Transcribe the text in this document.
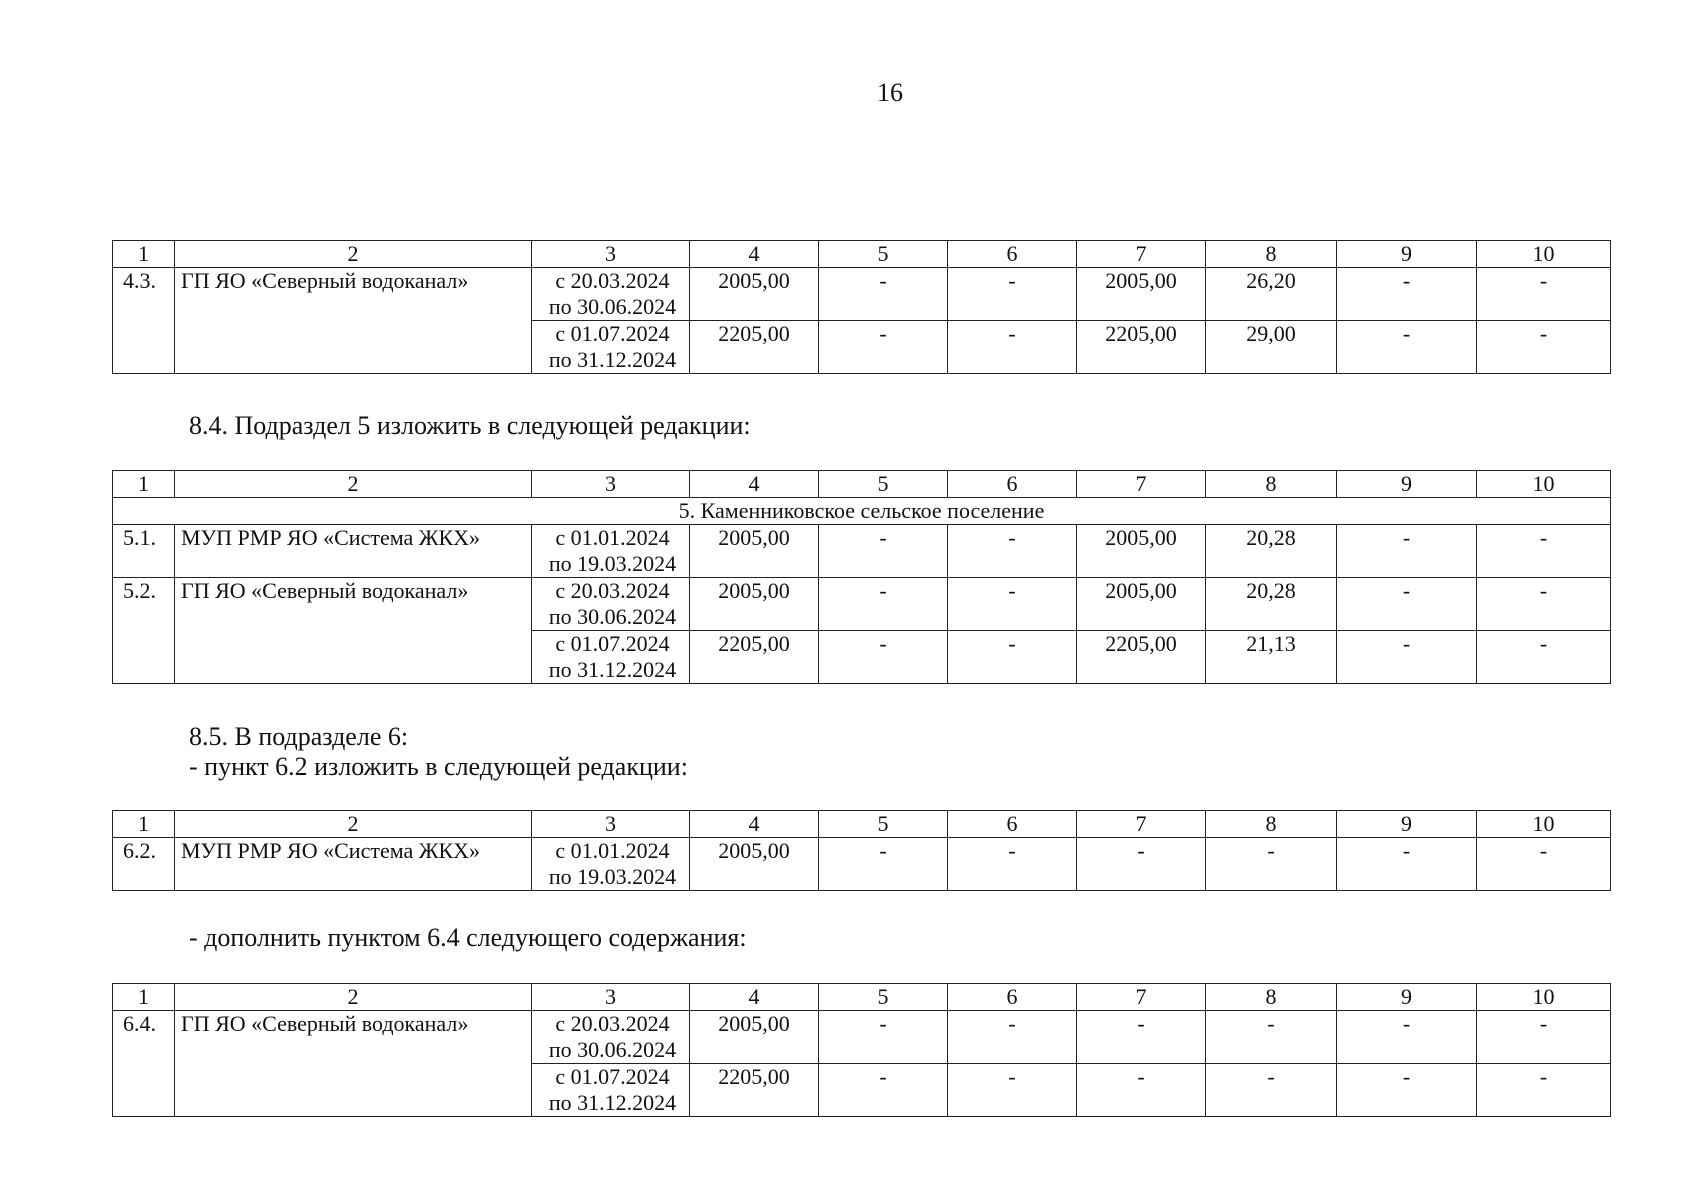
16
1	2	3	4	5	6	7	8	9	10
4.3.	ГП ЯО «Северный водоканал»	с 20.03.2024
по 30.06.2024	2005,00	-	-	2005,00	26,20	-	-

		с 01.07.2024
по 31.12.2024	2205,00	-	-	2205,00	29,00	-	-
8.4. Подраздел 5 изложить в следующей редакции:
1	2	3	4	5	6	7	8	9	10
5. Каменниковское сельское поселение									
5.1.	МУП РМР ЯО «Система ЖКХ»	с 01.01.2024
по 19.03.2024	2005,00	-	-	2005,00	20,28	-	-
5.2.	ГП ЯО «Северный водоканал»	с 20.03.2024
по 30.06.2024	2005,00	-	-	2005,00	20,28	-	-

		с 01.07.2024
по 31.12.2024	2205,00	-	-	2205,00	21,13	-	-
8.5. В подразделе 6:
- пункт 6.2 изложить в следующей редакции:
1	2	3	4	5	6	7	8	9	10
6.2.	МУП РМР ЯО «Система ЖКХ»	с 01.01.2024
по 19.03.2024	2005,00	-	-	-	-	-	-
- дополнить пунктом 6.4 следующего содержания:
1	2	3	4	5	6	7	8	9	10
6.4.	ГП ЯО «Северный водоканал»	с 20.03.2024
по 30.06.2024	2005,00	-	-	-	-	-	-

		с 01.07.2024
по 31.12.2024	2205,00	-	-	-	-	-	-
